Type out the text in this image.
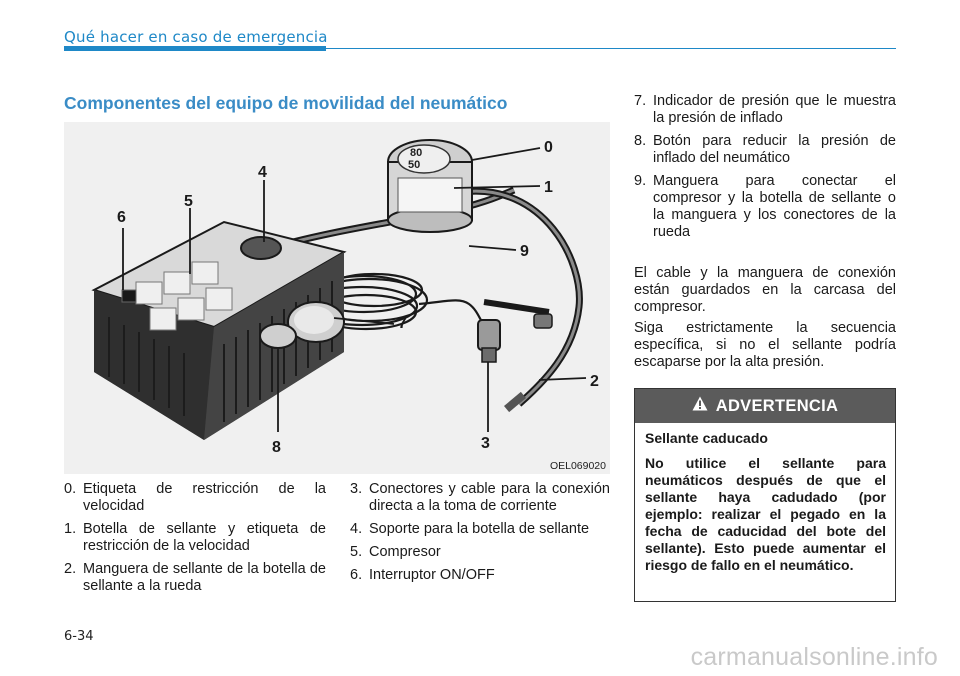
Qué hacer en caso de emergencia
Componentes del equipo de movilidad del neumático
80
50
0
1
2
3
4
5
6
7
8
9
OEL069020
0. Etiqueta de restricción de la velocidad
1. Botella de sellante y etiqueta de restricción de la velocidad
2. Manguera de sellante de la botella de sellante a la rueda
3. Conectores y cable para la conexión directa a la toma de corriente
4. Soporte para la botella de sellante
5. Compresor
6. Interruptor ON/OFF
7. Indicador de presión que le muestra la presión de inflado
8. Botón para reducir la presión de inflado del neumático
9. Manguera para conectar el compresor y la botella de sellante o la manguera y los conectores de la rueda

El cable y la manguera de conexión están guardados en la carcasa del compresor.

Siga estrictamente la secuencia específica, si no el sellante podría escaparse por la alta presión.

ADVERTENCIA

Sellante caducado

No utilice el sellante para neumáticos después de que el sellante haya cadudado (por ejemplo: realizar el pegado en la fecha de caducidad del bote del sellante). Esto puede aumentar el riesgo de fallo en el neumático.

6-34
carmanualsonline.info
